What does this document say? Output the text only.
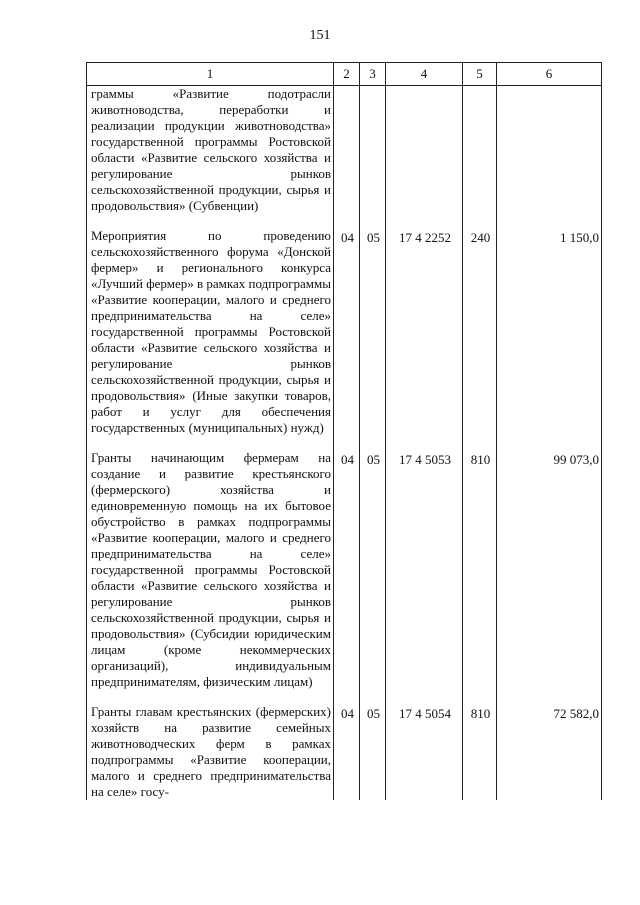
151
1	2	3	4	5	6
граммы «Развитие подотрасли животноводства, переработки и реализации продукции животноводства» государственной программы Ростовской области «Развитие сельского хозяйства и регулирование рынков сельскохозяйственной продукции, сырья и продовольствия» (Субвенции)					

Мероприятия по проведению сельскохозяйственного форума «Донской фермер» и регионального конкурса «Лучший фермер» в рамках подпрограммы «Развитие кооперации, малого и среднего предпринимательства на селе» государственной программы Ростовской области «Развитие сельского хозяйства и регулирование рынков сельскохозяйственной продукции, сырья и продовольствия» (Иные закупки товаров, работ и услуг для обеспечения государственных (муниципальных) нужд)	04	05	17 4 2252	240	1 150,0

Гранты начинающим фермерам на создание и развитие крестьянского (фермерского) хозяйства и единовременную помощь на их бытовое обустройство в рамках подпрограммы «Развитие кооперации, малого и среднего предпринимательства на селе» государственной программы Ростовской области «Развитие сельского хозяйства и регулирование рынков сельскохозяйственной продукции, сырья и продовольствия» (Субсидии юридическим лицам (кроме некоммерческих организаций), индивидуальным предпринимателям, физическим лицам)	04	05	17 4 5053	810	99 073,0

Гранты главам крестьянских (фермерских) хозяйств на развитие семейных животноводческих ферм в рамках подпрограммы «Развитие кооперации, малого и среднего предпринимательства на селе» госу-	04	05	17 4 5054	810	72 582,0
